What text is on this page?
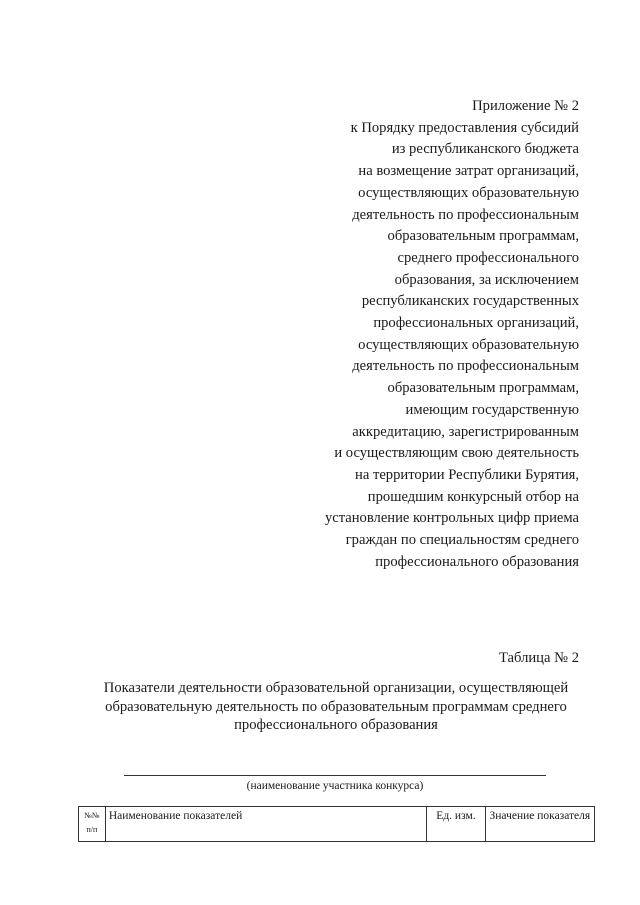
Приложение № 2
к Порядку предоставления субсидий
из республиканского бюджета
на возмещение затрат организаций,
осуществляющих образовательную
деятельность по профессиональным
образовательным программам,
среднего профессионального
образования, за исключением
республиканских государственных
профессиональных организаций,
осуществляющих образовательную
деятельность по профессиональным
образовательным программам,
имеющим государственную
аккредитацию, зарегистрированным
и осуществляющим свою деятельность
на территории Республики Бурятия,
прошедшим конкурсный отбор на
установление контрольных цифр приема
граждан по специальностям среднего
профессионального образования
Таблица № 2
Показатели деятельности образовательной организации, осуществляющей
образовательную деятельность по образовательным программам среднего
профессионального образования
(наименование участника конкурса)
№№ п/п	Наименование показателей	Ед. изм.	Значение показателя
